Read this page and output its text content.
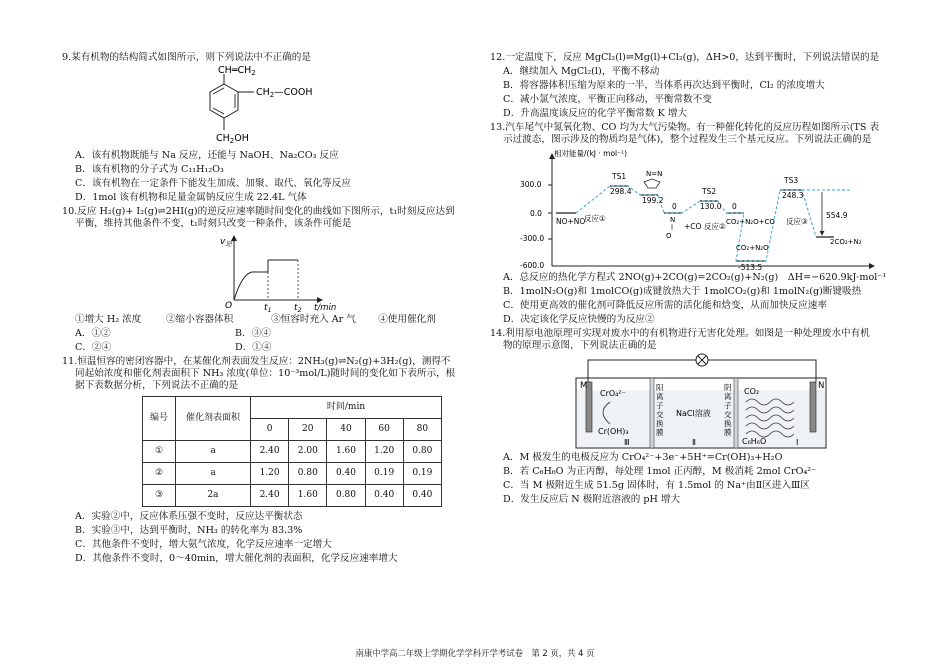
9.某有机物的结构简式如图所示，则下列说法中不正确的是
$CH═CH_2$
$CH_2—COOH$
$CH_2OH$
A．该有机物既能与 Na 反应，还能与 NaOH、Na₂CO₃ 反应
B．该有机物的分子式为 C₁₁H₁₂O₃
C．该有机物在一定条件下能发生加成、加聚、取代、氧化等反应
D．1mol 该有机物和足量金属钠反应生成 22.4L 气体
10.反应 H₂(g)+ I₂(g)⇌2HI(g)的逆反应速率随时间变化的曲线如下图所示，t₁时刻反应达到
平衡，维持其他条件不变，t₁时刻只改变一种条件，该条件可能是
$v_逆$
O	$t_1$ $t_2$ t/min
①增大 H₂ 浓度	②缩小容器体积	③恒容时充入 Ar 气 ④使用催化剂
A．①②	B．③④
C．②④	D．①④
11.恒温恒容的密闭容器中，在某催化剂表面发生反应：2NH₃(g)⇌N₂(g)+3H₂(g)，测得不
同起始浓度和催化剂表面积下 NH₃ 浓度(单位：10⁻³mol/L)随时间的变化如下表所示，根
据下表数据分析，下列说法不正确的是
编号	催化剂表面积	时间/min				
		0	20	40	60	80
①	a	2.40	2.00	1.60	1.20	0.80
②	a	1.20	0.80	0.40	0.19	0.19
③	2a	2.40	1.60	0.80	0.40	0.40
A．实验②中，反应体系压强不变时，反应达平衡状态
B．实验③中，达到平衡时，NH₃ 的转化率为 83.3%
C．其他条件不变时，增大氨气浓度，化学反应速率一定增大
D．其他条件不变时，0～40min，增大催化剂的表面积，化学反应速率增大
12.一定温度下，反应 MgCl₂(l)⇌Mg(l)+Cl₂(g)，ΔH>0，达到平衡时，下列说法错误的是
A．继续加入 MgCl₂(l)，平衡不移动
B．将容器体积压缩为原来的一半，当体系再次达到平衡时，Cl₂ 的浓度增大
C．减小氯气浓度，平衡正向移动，平衡常数不变
D．升高温度该反应的化学平衡常数 K 增大
13.汽车尾气中氮氧化物、CO 均为大气污染物。有一种催化转化的反应历程如图所示(TS 表
示过渡态，图示涉及的物质均是气体)，整个过程发生三个基元反应。下列说法正确的是
相对能量/(kJ · mol⁻¹)
300.0
0.0
-300.0
-600.0
NO+NO
TS1
298.4
N=N
199.2
反应①	N
O
+CO
0
反应②
TS2
130.0 0
CO₂+N₂O+CO 反应③
CO₂+N₂O
-513.5
TS3
248.3
554.9
2CO₂+N₂
A．总反应的热化学方程式 2NO(g)+2CO(g)=2CO₂(g)+N₂(g)　ΔH=−620.9kJ·mol⁻¹
B．1molN₂O(g)和 1molCO(g)成键放热大于 1molCO₂(g)和 1molN₂(g)断键吸热
C．使用更高效的催化剂可降低反应所需的活化能和焓变，从而加快反应速率
D．决定该化学反应快慢的为反应②
14.利用原电池原理可实现对废水中的有机物进行无害化处理。如图是一种处理废水中有机
物的原理示意图，下列说法正确的是
M	N
CrO₄²⁻
Cr(OH)₃
Ⅲ	Ⅱ	Ⅰ
NaCl溶液
CO₂
C₆H₆O
阳
离
子
交
换
膜
阴
离
子
交
换
膜
A．M 极发生的电极反应为 CrO₄²⁻+3e⁻+5H⁺=Cr(OH)₃+H₂O
B．若 C₆H₆O 为正丙醇，每处理 1mol 正丙醇，M 极消耗 2mol CrO₄²⁻
C．当 M 极附近生成 51.5g 固体时，有 1.5mol 的 Na⁺由Ⅱ区进入Ⅲ区
D．发生反应后 N 极附近溶液的 pH 增大
南康中学高二年级上学期化学学科开学考试卷　第 2 页，共 4 页
